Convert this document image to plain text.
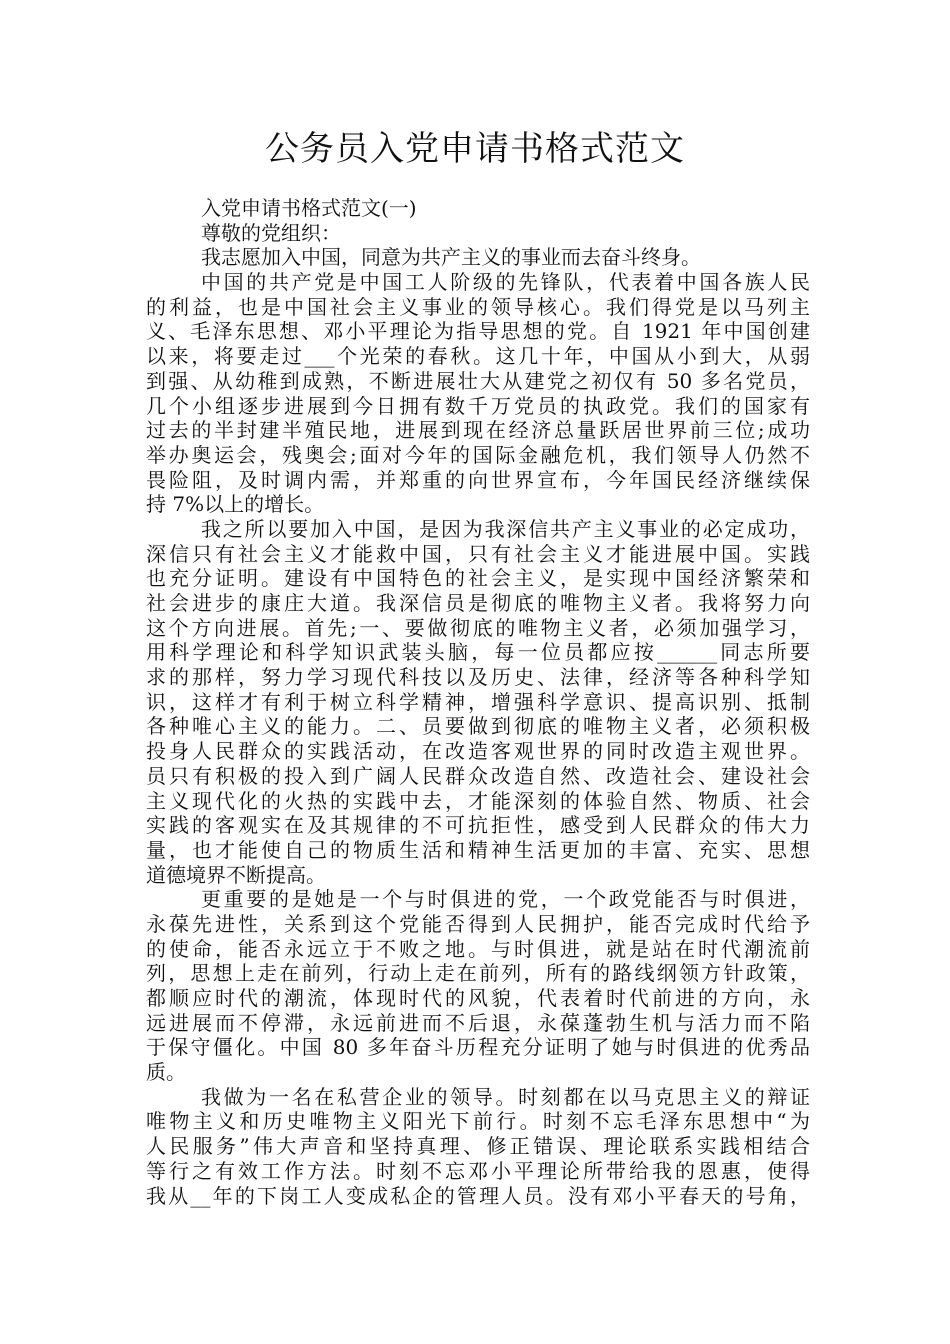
公务员入党申请书格式范文
入党申请书格式范文(一)
尊敬的党组织：
我志愿加入中国，同意为共产主义的事业而去奋斗终身。
中国的共产党是中国工人阶级的先锋队，代表着中国各族人民
的利益，也是中国社会主义事业的领导核心。我们得党是以马列主
义、毛泽东思想、邓小平理论为指导思想的党。自 1921 年中国创建
以来，将要走过___个光荣的春秋。这几十年，中国从小到大，从弱
到强、从幼稚到成熟，不断进展壮大从建党之初仅有 50 多名党员，
几个小组逐步进展到今日拥有数千万党员的执政党。我们的国家有
过去的半封建半殖民地，进展到现在经济总量跃居世界前三位;成功
举办奥运会，残奥会;面对今年的国际金融危机，我们领导人仍然不
畏险阻，及时调内需，并郑重的向世界宣布，今年国民经济继续保
持 7%以上的增长。
我之所以要加入中国，是因为我深信共产主义事业的必定成功，
深信只有社会主义才能救中国，只有社会主义才能进展中国。实践
也充分证明。建设有中国特色的社会主义，是实现中国经济繁荣和
社会进步的康庄大道。我深信员是彻底的唯物主义者。我将努力向
这个方向进展。首先;一、要做彻底的唯物主义者，必须加强学习，
用科学理论和科学知识武装头脑，每一位员都应按______同志所要
求的那样，努力学习现代科技以及历史、法律，经济等各种科学知
识，这样才有利于树立科学精神，增强科学意识、提高识别、抵制
各种唯心主义的能力。二、员要做到彻底的唯物主义者，必须积极
投身人民群众的实践活动，在改造客观世界的同时改造主观世界。
员只有积极的投入到广阔人民群众改造自然、改造社会、建设社会
主义现代化的火热的实践中去，才能深刻的体验自然、物质、社会
实践的客观实在及其规律的不可抗拒性，感受到人民群众的伟大力
量，也才能使自己的物质生活和精神生活更加的丰富、充实、思想
道德境界不断提高。
更重要的是她是一个与时俱进的党，一个政党能否与时俱进，
永葆先进性，关系到这个党能否得到人民拥护，能否完成时代给予
的使命，能否永远立于不败之地。与时俱进，就是站在时代潮流前
列，思想上走在前列，行动上走在前列，所有的路线纲领方针政策，
都顺应时代的潮流，体现时代的风貌，代表着时代前进的方向，永
远进展而不停滞，永远前进而不后退，永葆蓬勃生机与活力而不陷
于保守僵化。中国 80 多年奋斗历程充分证明了她与时俱进的优秀品
质。
我做为一名在私营企业的领导。时刻都在以马克思主义的辩证
唯物主义和历史唯物主义阳光下前行。时刻不忘毛泽东思想中“为
人民服务”伟大声音和坚持真理、修正错误、理论联系实践相结合
等行之有效工作方法。时刻不忘邓小平理论所带给我的恩惠，使得
我从__年的下岗工人变成私企的管理人员。没有邓小平春天的号角，
